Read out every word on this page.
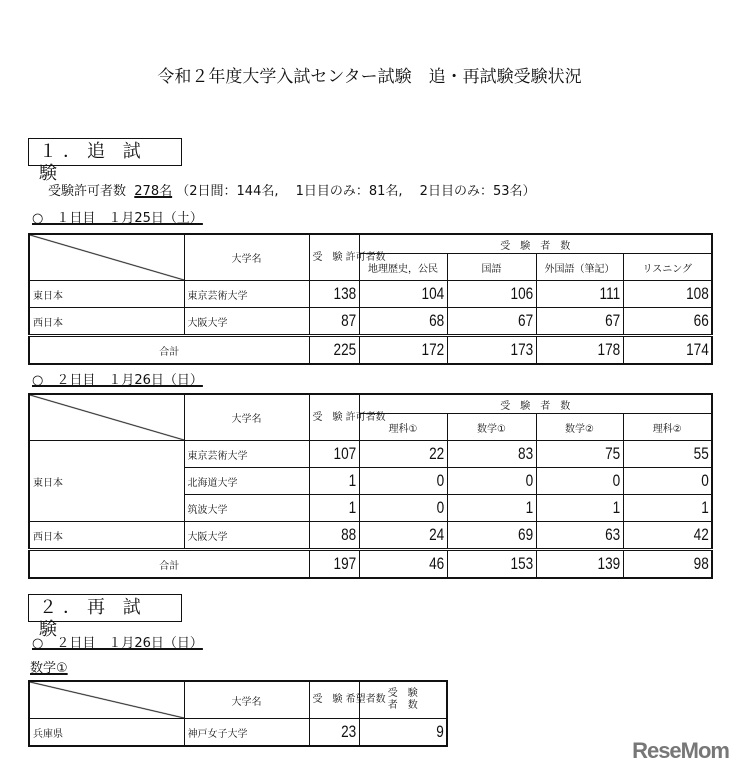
令和２年度大学入試センター試験　追・再試験受験状況
１．追 試 験
受験許可者数 278名 （2日間：144名,　 1日目のみ：81名,　 2日目のみ：53名）
○　１日目　１月25日（土）
	大学名	受　験 許可者数	受　験　者　数			
			地理歴史，公民	国語	外国語（筆記）	リスニング
東日本	東京芸術大学	138	104	106	111	108
西日本	大阪大学	87	68	67	67	66
合計		225	172	173	178	174
○　２日目　１月26日（日）
	大学名	受　験 許可者数	受　験　者　数			
			理科①	数学①	数学②	理科②
東日本	東京芸術大学	107	22	83	75	55
	北海道大学	1	0	0	0	0
	筑波大学	1	0	1	1	1
西日本	大阪大学	88	24	69	63	42
合計		197	46	153	139	98
２．再 試 験
○　２日目　１月26日（日）
数学①
	大学名	受　験 希望者数	受　験 者　数
兵庫県	神戸女子大学	23	9
ReseMom
